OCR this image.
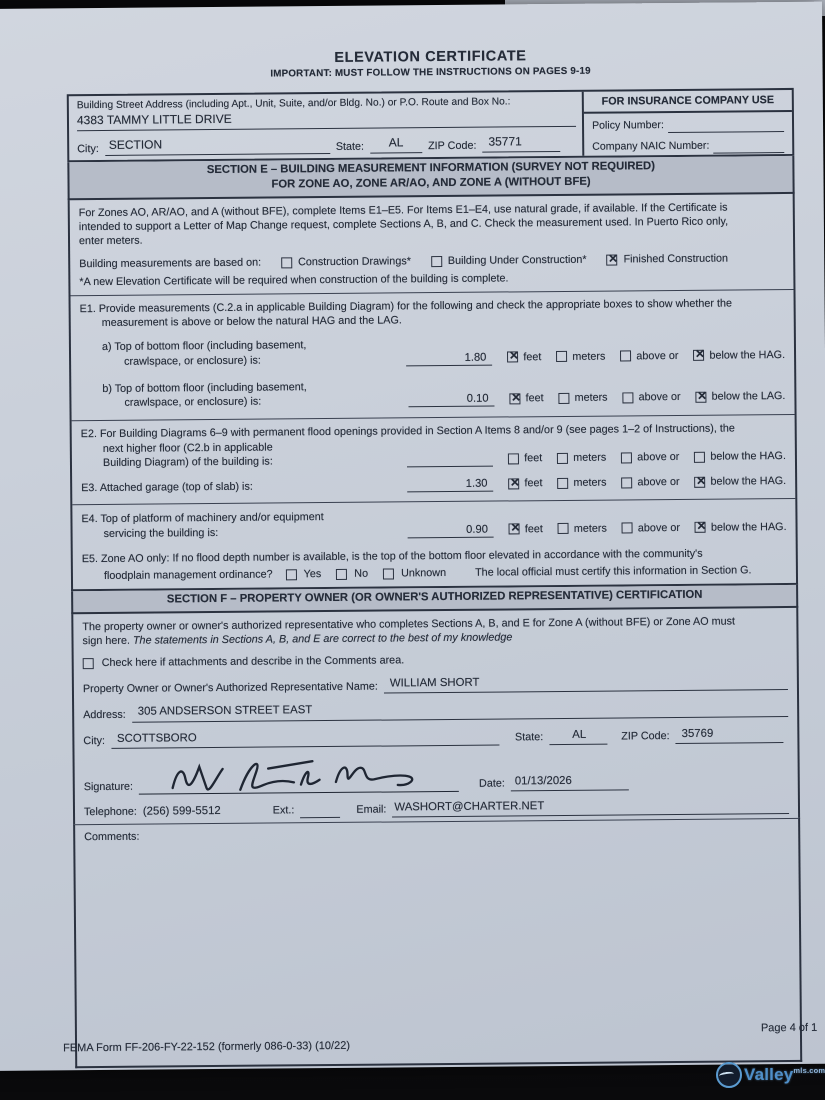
ELEVATION CERTIFICATE
IMPORTANT: MUST FOLLOW THE INSTRUCTIONS ON PAGES 9-19
Building Street Address (including Apt., Unit, Suite, and/or Bldg. No.) or P.O. Route and Box No.:
4383 TAMMY LITTLE DRIVE
City: SECTION	State:	AL	ZIP Code: 35771
FOR INSURANCE COMPANY USE
Policy Number:
Company NAIC Number:
SECTION E – BUILDING MEASUREMENT INFORMATION (SURVEY NOT REQUIRED)
FOR ZONE AO, ZONE AR/AO, AND ZONE A (WITHOUT BFE)
For Zones AO, AR/AO, and A (without BFE), complete Items E1–E5. For Items E1–E4, use natural grade, if available. If the Certificate is
intended to support a Letter of Map Change request, complete Sections A, B, and C. Check the measurement used. In Puerto Rico only,
enter meters.
Building measurements are based on:	Construction Drawings*	Building Under Construction* ✕	Finished Construction
*A new Elevation Certificate will be required when construction of the building is complete.
E1. Provide measurements (C.2.a in applicable Building Diagram) for the following and check the appropriate boxes to show whether the
measurement is above or below the natural HAG and the LAG.
a) Top of bottom floor (including basement,
crawlspace, or enclosure) is:	1.80 ✕	feet	meters	above or ✕	below the HAG.
b) Top of bottom floor (including basement,
crawlspace, or enclosure) is:	0.10 ✕	feet	meters	above or ✕	below the LAG.
E2. For Building Diagrams 6–9 with permanent flood openings provided in Section A Items 8 and/or 9 (see pages 1–2 of Instructions), the
next higher floor (C2.b in applicable
Building Diagram) of the building is:	feet	meters	above or	below the HAG.
E3. Attached garage (top of slab) is:	1.30 ✕	feet	meters	above or ✕	below the HAG.
E4. Top of platform of machinery and/or equipment
servicing the building is:	0.90 ✕	feet	meters	above or ✕	below the HAG.
E5. Zone AO only: If no flood depth number is available, is the top of the bottom floor elevated in accordance with the community's
floodplain management ordinance?	Yes	No	Unknown	The local official must certify this information in Section G.
SECTION F – PROPERTY OWNER (OR OWNER'S AUTHORIZED REPRESENTATIVE) CERTIFICATION
The property owner or owner's authorized representative who completes Sections A, B, and E for Zone A (without BFE) or Zone AO must
sign here. The statements in Sections A, B, and E are correct to the best of my knowledge
Check here if attachments and describe in the Comments area.
Property Owner or Owner's Authorized Representative Name:	WILLIAM SHORT
Address:	305 ANDSERSON STREET EAST
City:	SCOTTSBORO	State:	AL	ZIP Code:	35769
Signature:	Date: 01/13/2026
Telephone: (256) 599-5512	Ext.:	Email: WASHORT@CHARTER.NET
Comments:
FEMA Form FF-206-FY-22-152 (formerly 086-0-33) (10/22)
Page 4 of 1
Valley$^{mls.com}$
